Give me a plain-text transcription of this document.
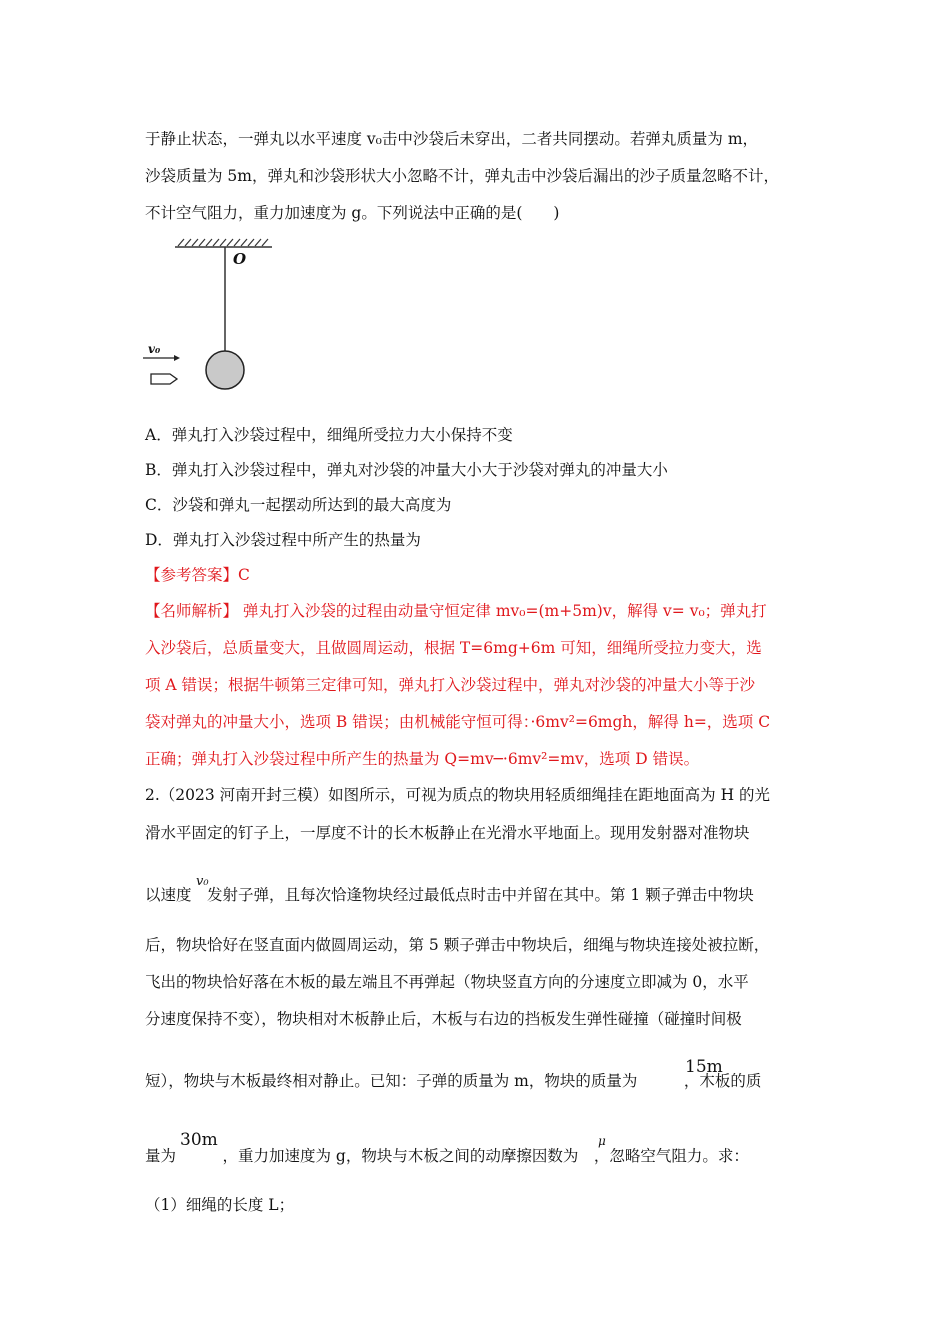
于静止状态，一弹丸以水平速度 v₀击中沙袋后未穿出，二者共同摆动。若弹丸质量为 m，
沙袋质量为 5m，弹丸和沙袋形状大小忽略不计，弹丸击中沙袋后漏出的沙子质量忽略不计，
不计空气阻力，重力加速度为 g。下列说法中正确的是(　　)
O
v₀
A．弹丸打入沙袋过程中，细绳所受拉力大小保持不变
B．弹丸打入沙袋过程中，弹丸对沙袋的冲量大小大于沙袋对弹丸的冲量大小
C．沙袋和弹丸一起摆动所达到的最大高度为
D．弹丸打入沙袋过程中所产生的热量为
【参考答案】C
【名师解析】 弹丸打入沙袋的过程由动量守恒定律 mv₀=(m+5m)v，解得 v= v₀；弹丸打
入沙袋后，总质量变大，且做圆周运动，根据 T=6mg+6m 可知，细绳所受拉力变大，选
项 A 错误；根据牛顿第三定律可知，弹丸打入沙袋过程中，弹丸对沙袋的冲量大小等于沙
袋对弹丸的冲量大小，选项 B 错误；由机械能守恒可得：·6mv²=6mgh，解得 h=，选项 C
正确；弹丸打入沙袋过程中所产生的热量为 Q=mv─·6mv²=mv，选项 D 错误。
2.（2023 河南开封三模）如图所示，可视为质点的物块用轻质细绳挂在距地面高为 H 的光
滑水平固定的钉子上，一厚度不计的长木板静止在光滑水平地面上。现用发射器对准物块
以速度　发射子弹，且每次恰逢物块经过最低点时击中并留在其中。第 1 颗子弹击中物块
v₀
后，物块恰好在竖直面内做圆周运动，第 5 颗子弹击中物块后，细绳与物块连接处被拉断，
飞出的物块恰好落在木板的最左端且不再弹起（物块竖直方向的分速度立即减为 0，水平
分速度保持不变），物块相对木板静止后，木板与右边的挡板发生弹性碰撞（碰撞时间极
短），物块与木板最终相对静止。已知：子弹的质量为 m，物块的质量为　　　，木板的质
15m
量为　　　，重力加速度为 g，物块与木板之间的动摩擦因数为　，忽略空气阻力。求：
30m	μ
（1）细绳的长度 L；
